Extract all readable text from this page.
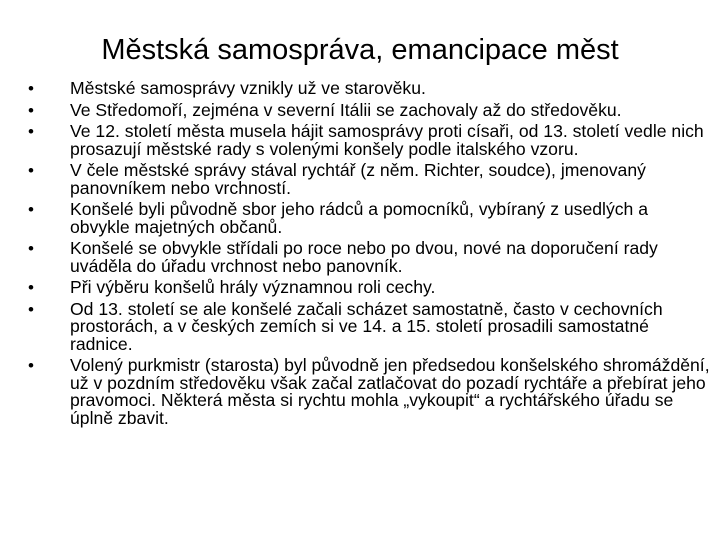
Městská samospráva, emancipace měst
•	Městské samosprávy vznikly už ve starověku.
•	Ve Středomoří, zejména v severní Itálii se zachovaly až do středověku.
•	Ve 12. století města musela hájit samosprávy proti císaři, od 13. století vedle nich prosazují městské rady s volenými konšely podle italského vzoru.
•	V čele městské správy stával rychtář (z něm. Richter, soudce), jmenovaný panovníkem nebo vrchností.
•	Konšelé byli původně sbor jeho rádců a pomocníků, vybíraný z usedlých a obvykle majetných občanů.
•	Konšelé se obvykle střídali po roce nebo po dvou, nové na doporučení rady uváděla do úřadu vrchnost nebo panovník.
•	Při výběru konšelů hrály významnou roli cechy.
•	Od 13. století se ale konšelé začali scházet samostatně, často v cechovních prostorách, a v českých zemích si ve 14. a 15. století prosadili samostatné radnice.
•	Volený purkmistr (starosta) byl původně jen předsedou konšelského shromáždění, už v pozdním středověku však začal zatlačovat do pozadí rychtáře a přebírat jeho pravomoci. Některá města si rychtu mohla „vykoupit“ a rychtářského úřadu se úplně zbavit.
